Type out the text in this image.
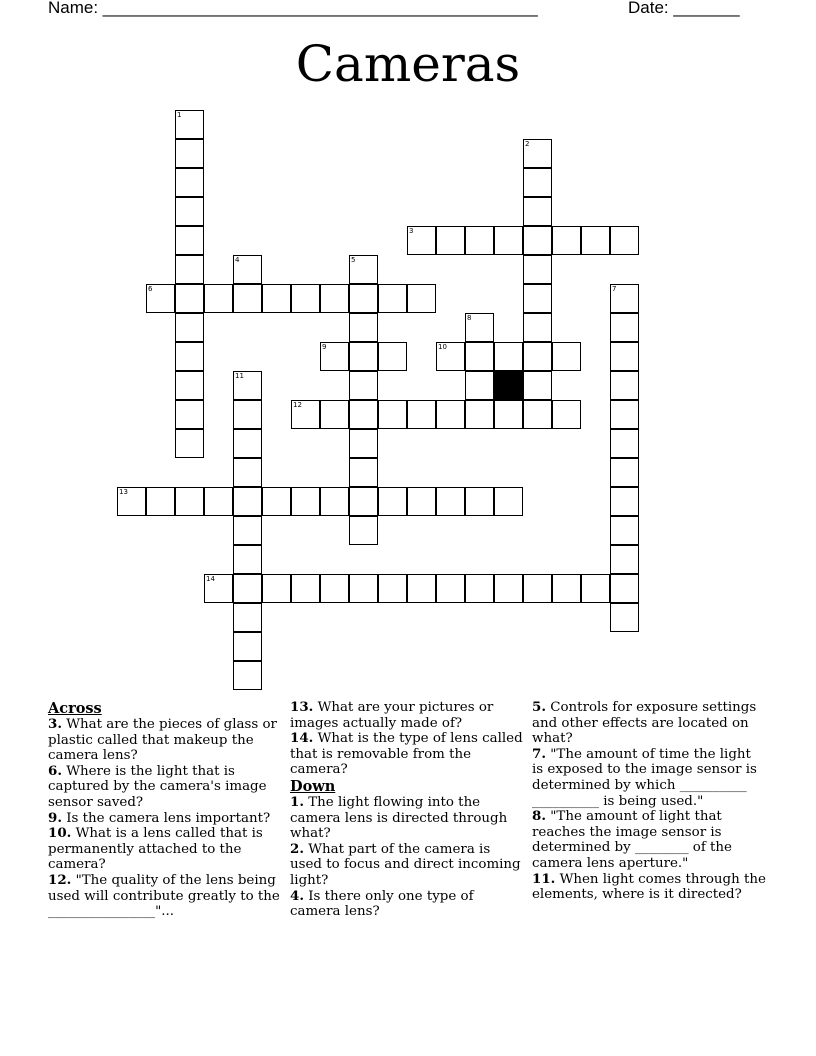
Name: ______________________________________________	Date: _______
Cameras
1
2
3
4	5
6	7
8
9	10
11
12
13
14
Across
3. What are the pieces of glass or plastic called that makeup the camera lens?
6. Where is the light that is captured by the camera's image sensor saved?
9. Is the camera lens important?
10. What is a lens called that is permanently attached to the camera?
12. "The quality of the lens being used will contribute greatly to the ________________"...
13. What are your pictures or images actually made of?
14. What is the type of lens called that is removable from the camera?
Down
1. The light flowing into the camera lens is directed through what?
2. What part of the camera is used to focus and direct incoming light?
4. Is there only one type of camera lens?
5. Controls for exposure settings and other effects are located on what?
7. "The amount of time the light is exposed to the image sensor is determined by which __________ __________ is being used."
8. "The amount of light that reaches the image sensor is determined by ________ of the camera lens aperture."
11. When light comes through the elements, where is it directed?
